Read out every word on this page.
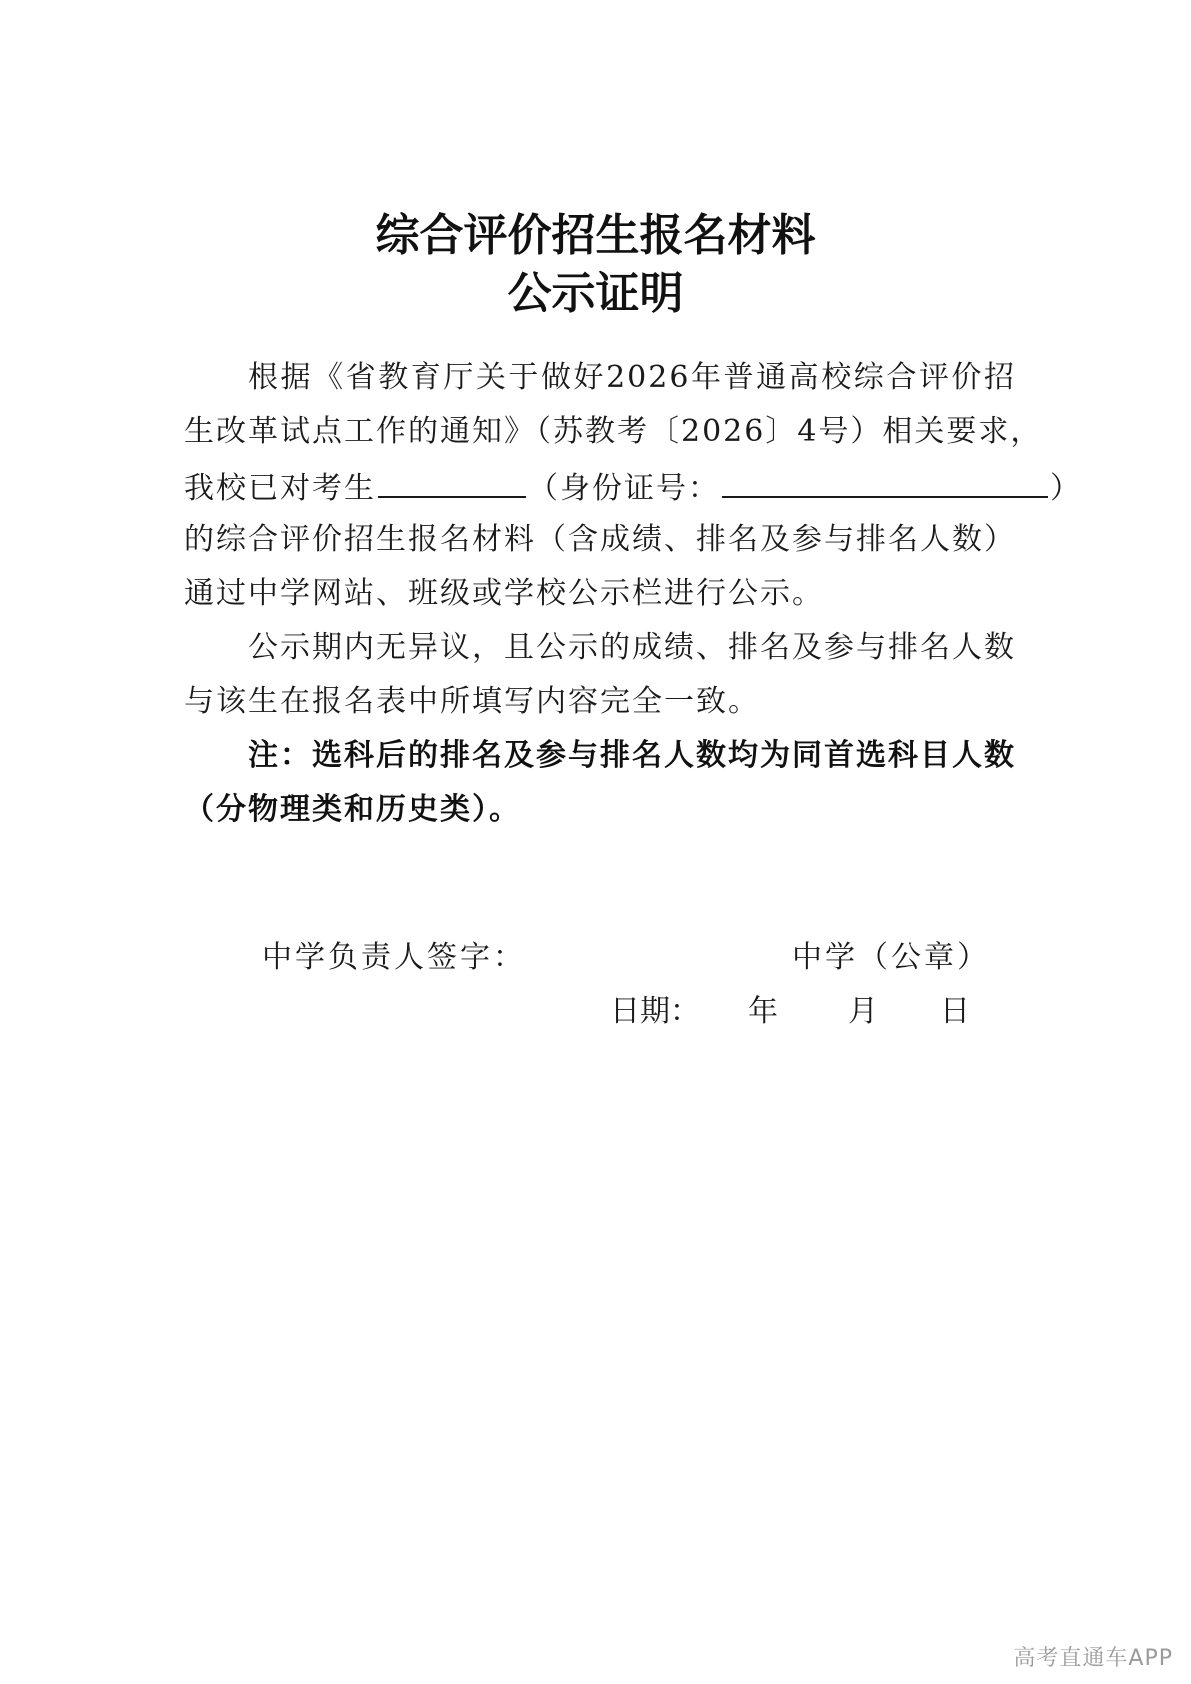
综合评价招生报名材料
公示证明
根据《省教育厅关于做好2026年普通高校综合评价招
生改革试点工作的通知》（苏教考〔2026〕4号）相关要求，
我校已对考生	（身份证号：	）
的综合评价招生报名材料（含成绩、排名及参与排名人数）
通过中学网站、班级或学校公示栏进行公示。
公示期内无异议，且公示的成绩、排名及参与排名人数
与该生在报名表中所填写内容完全一致。
注：选科后的排名及参与排名人数均为同首选科目人数
（分物理类和历史类）。
中学负责人签字：	中学（公章）
日期： 年 月 日
高考直通车APP
